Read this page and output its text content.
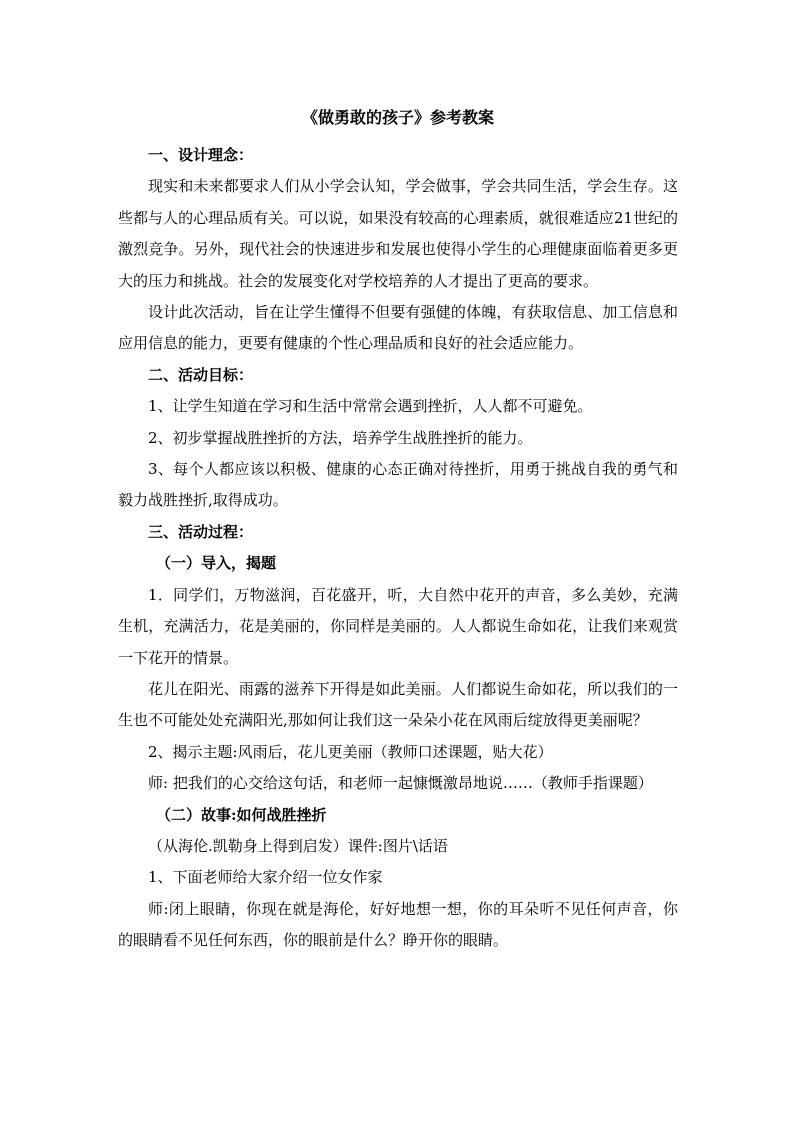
《做勇敢的孩子》参考教案

一、设计理念：

现实和未来都要求人们从小学会认知，学会做事，学会共同生活，学会生存。这些都与人的心理品质有关。可以说，如果没有较高的心理素质，就很难适应21世纪的激烈竞争。另外，现代社会的快速进步和发展也使得小学生的心理健康面临着更多更大的压力和挑战。社会的发展变化对学校培养的人才提出了更高的要求。

设计此次活动，旨在让学生懂得不但要有强健的体魄，有获取信息、加工信息和应用信息的能力，更要有健康的个性心理品质和良好的社会适应能力。

二、活动目标：

1、让学生知道在学习和生活中常常会遇到挫折，人人都不可避免。

2、初步掌握战胜挫折的方法，培养学生战胜挫折的能力。

3、每个人都应该以积极、健康的心态正确对待挫折，用勇于挑战自我的勇气和毅力战胜挫折,取得成功。

三、活动过程：

（一）导入，揭题

1．同学们，万物滋润，百花盛开，听，大自然中花开的声音，多么美妙，充满生机，充满活力，花是美丽的，你同样是美丽的。人人都说生命如花，让我们来观赏一下花开的情景。

花儿在阳光、雨露的滋养下开得是如此美丽。人们都说生命如花，所以我们的一生也不可能处处充满阳光,那如何让我们这一朵朵小花在风雨后绽放得更美丽呢？

2、揭示主题:风雨后，花儿更美丽（教师口述课题，贴大花）

师: 把我们的心交给这句话，和老师一起慷慨激昂地说……（教师手指课题）

（二）故事:如何战胜挫折

（从海伦.凯勒身上得到启发）课件:图片\话语

1、下面老师给大家介绍一位女作家

师:闭上眼睛，你现在就是海伦，好好地想一想，你的耳朵听不见任何声音，你的眼睛看不见任何东西，你的眼前是什么？睁开你的眼睛。
